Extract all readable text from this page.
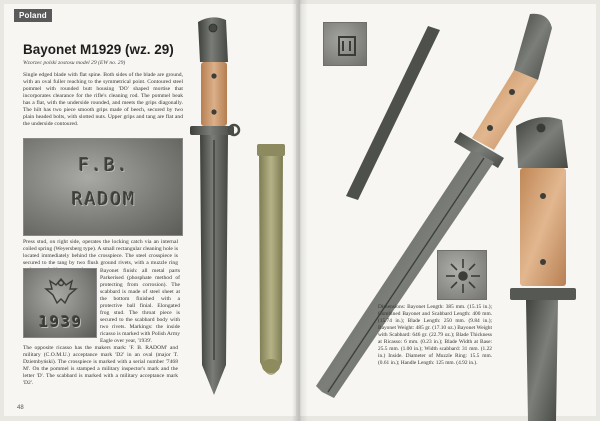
Poland
Bayonet M1929 (wz. 29)
Wzorzec polski zostosu model 29 (EW no. 29)
Single edged blade with flat spine. Both sides of the blade are ground, with an oval fuller reaching to the symmetrical point. Contoured steel pommel with rounded butt housing 'DO' shaped mortise that incorporates clearance for the rifle's cleaning rod. The pommel beak has a flat, with the underside rounded, and meets the grips diagonally. The hilt has two piece smooth grips made of beech, secured by two plain headed bolts, with slotted nuts. Upper grips and tang are flat and the underside contoured.
F.B.
RADOM
Press stud, on right side, operates the locking catch via an internal coiled spring (Weyersberg type). A small rectangular cleaning hole is located immediately behind the crosspiece. The steel crosspiece is secured to the tang by two flush ground rivets, with a muzzle ring
1939
Bayonet finish: all metal parts Parkerised (phosphate method of protecting from corrosion). The scabbard is made of steel sheet at the bottom finished with a protective ball finial. Elongated frog stud. The throat piece is secured to the scabbard body with two rivets. Markings: the inside ricasso is marked with Polish Army Eagle over year, '1939'.
The opposite ricasso has the makers mark: 'F. B. RADOM' and military (C.O.M.U.) acceptance mark 'D2' in an oval (major T. Dziembyński). The crosspiece is marked with a serial number '7468 M'. On the pommel is stamped a military inspector's mark and the letter 'D'. The scabbard is marked with a military acceptance mark 'D2'.
48
Dimensions: Bayonet Length: 385 mm. (15.15 in.); Combined Bayonet and Scabbard Length: 400 mm. (15.74 in.); Blade Length: 250 mm. (9.84 in.); Bayonet Weight: 485 gr. (17.10 oz.) Bayonet Weight with Scabbard: 646 gr. (22.79 oz.); Blade Thickness at Ricasso: 6 mm. (0.23 in.); Blade Width at Base: 25.5 mm. (1.00 in.); Width scabbard: 31 mm. (1.22 in.) Inside. Diameter of Muzzle Ring: 15.5 mm. (0.61 in.); Handle Length: 125 mm. (4.92 in.).
